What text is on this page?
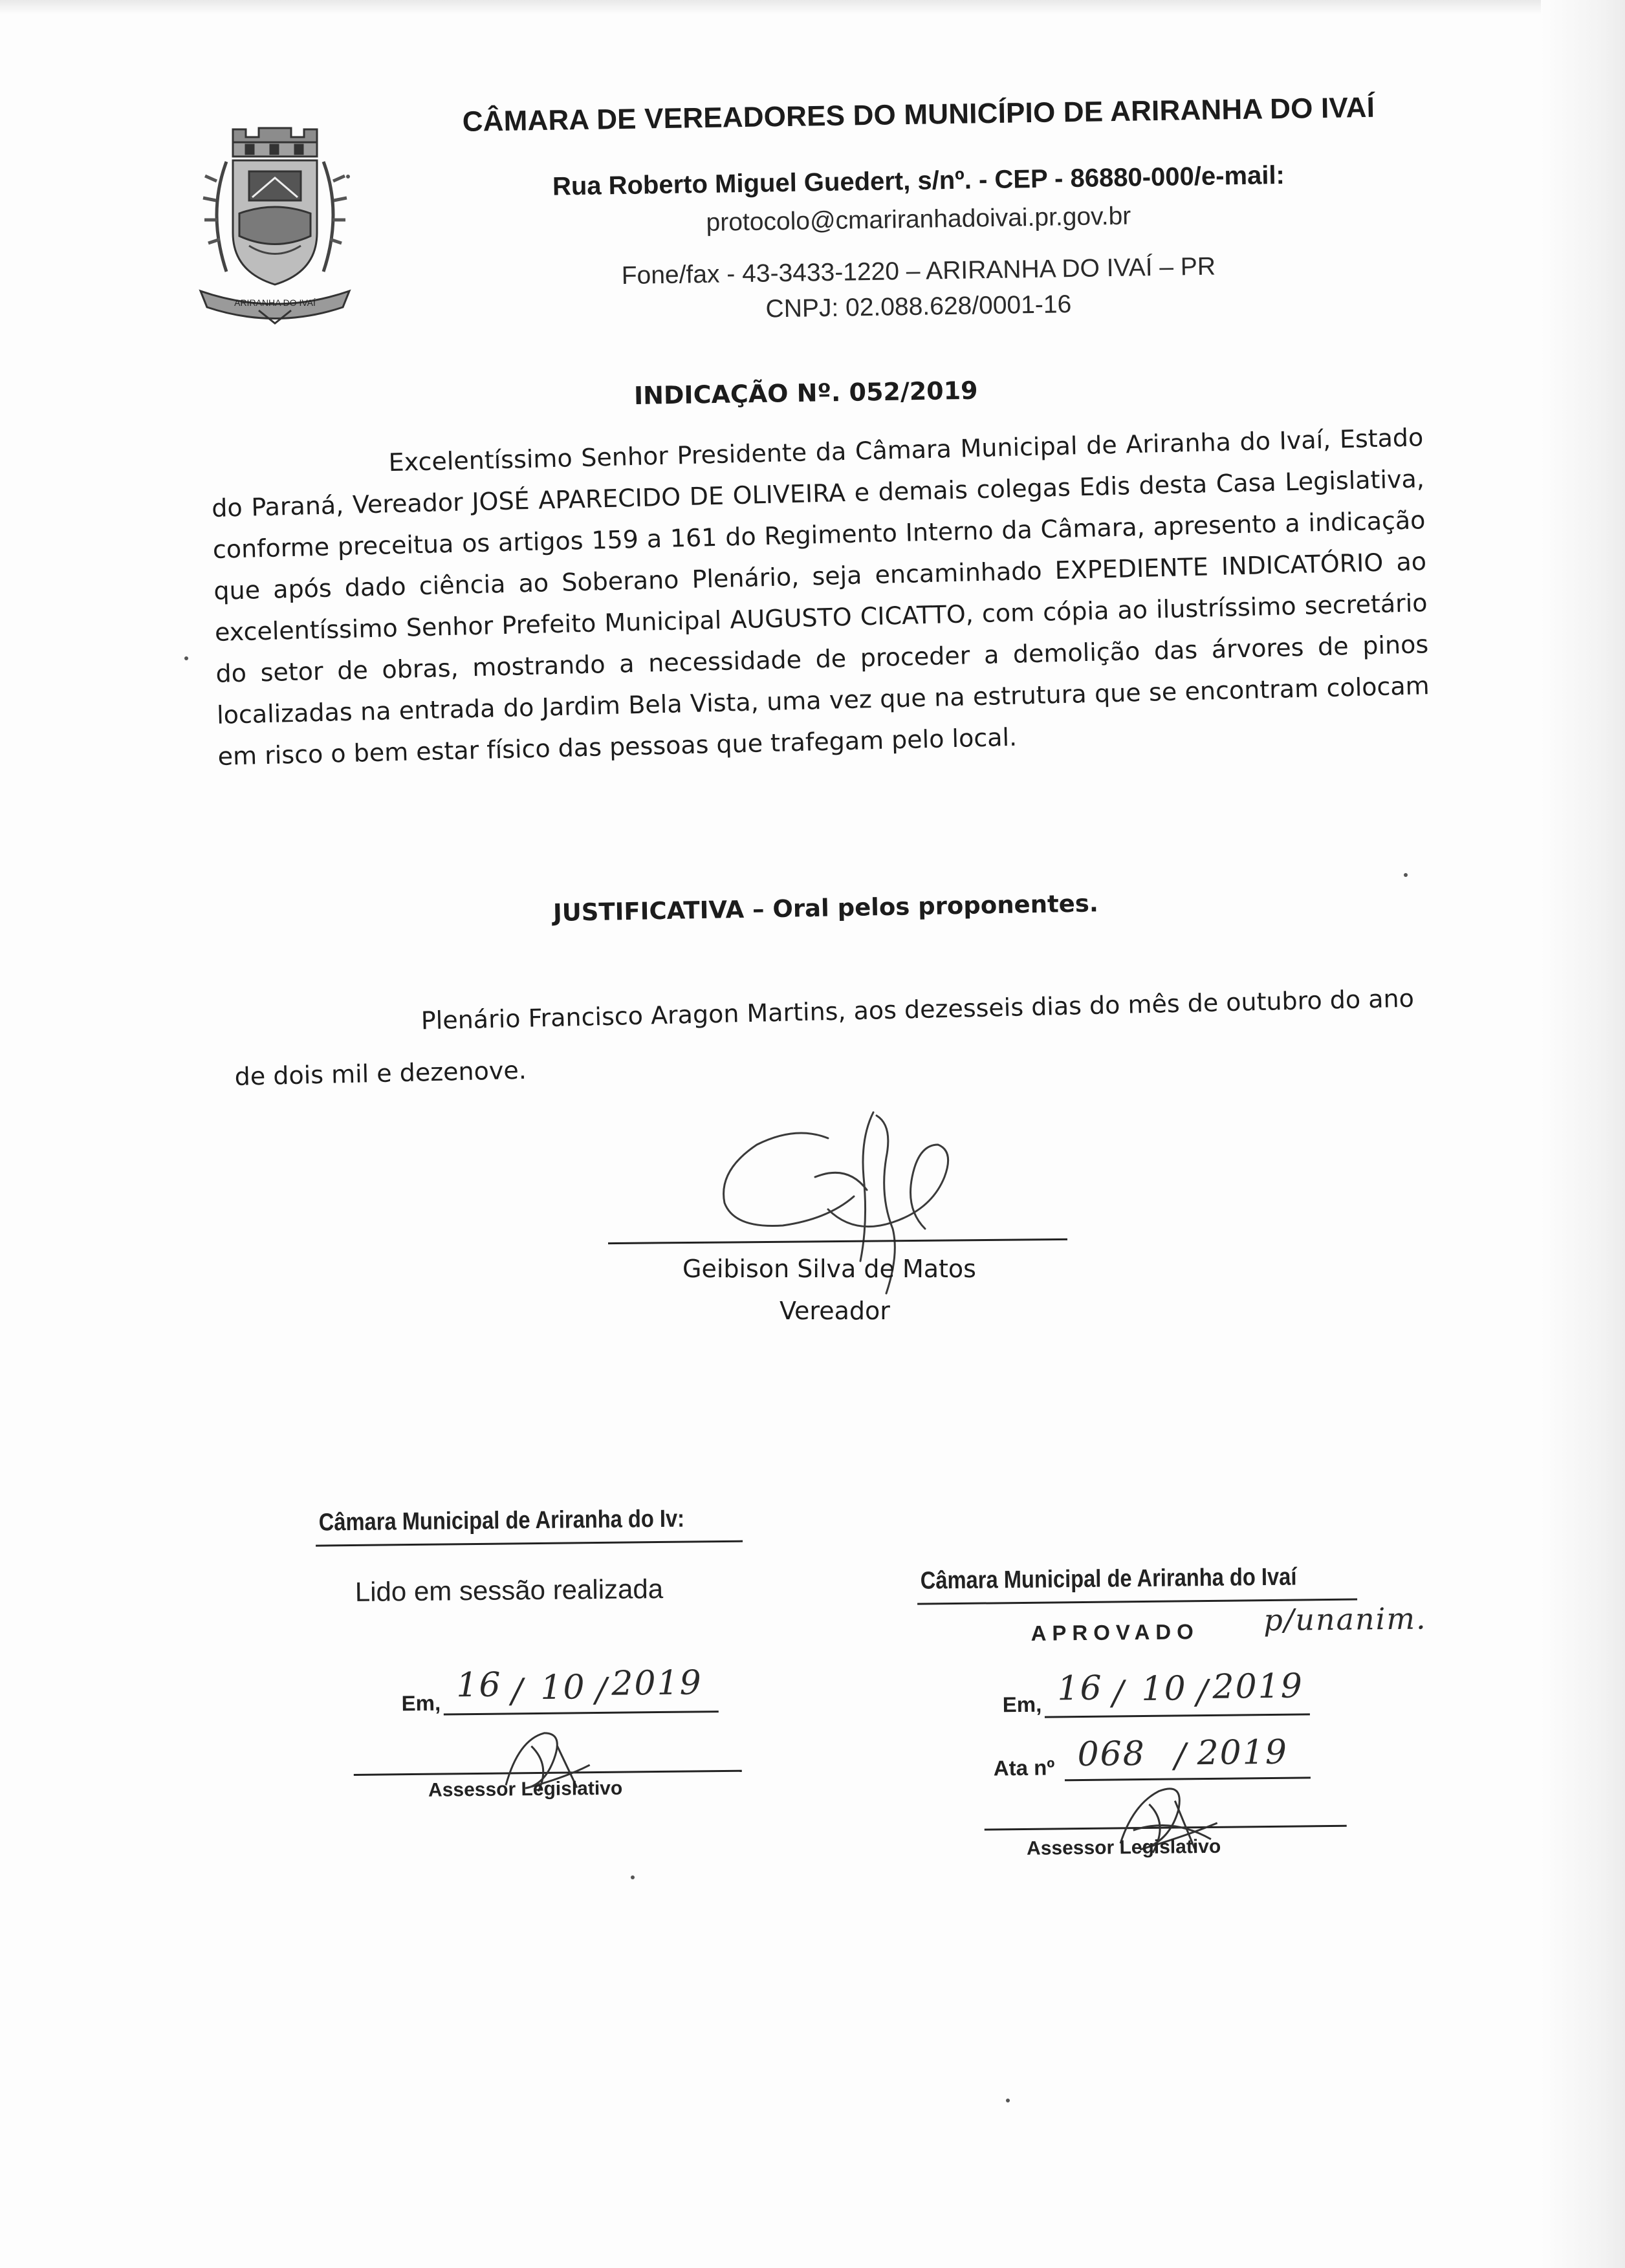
ARIRANHA DO IVAÍ
CÂMARA DE VEREADORES DO MUNICÍPIO DE ARIRANHA DO IVAÍ
Rua Roberto Miguel Guedert, s/nº. - CEP - 86880-000/e-mail:
protocolo@cmariranhadoivai.pr.gov.br
Fone/fax - 43-3433-1220 – ARIRANHA DO IVAÍ – PR
CNPJ: 02.088.628/0001-16
INDICAÇÃO Nº. 052/2019
Excelentíssimo Senhor Presidente da Câmara Municipal de Ariranha do Ivaí, Estado do Paraná, Vereador JOSÉ APARECIDO DE OLIVEIRA e demais colegas Edis desta Casa Legislativa, conforme preceitua os artigos 159 a 161 do Regimento Interno da Câmara, apresento a indicação que após dado ciência ao Soberano Plenário, seja encaminhado EXPEDIENTE INDICATÓRIO ao excelentíssimo Senhor Prefeito Municipal AUGUSTO CICATTO, com cópia ao ilustríssimo secretário do setor de obras, mostrando a necessidade de proceder a demolição das árvores de pinos localizadas na entrada do Jardim Bela Vista, uma vez que na estrutura que se encontram colocam em risco o bem estar físico das pessoas que trafegam pelo local.
JUSTIFICATIVA – Oral pelos proponentes.
Plenário Francisco Aragon Martins, aos dezesseis dias do mês de outubro do ano de dois mil e dezenove.
Geibison Silva de Matos
Vereador
Câmara Municipal de Ariranha do Iv:
Lido em sessão realizada
Em, 16 / 10 / 2019
Assessor Legislativo
Câmara Municipal de Ariranha do Ivaí
APROVADO p/unanim.
Em, 16 / 10 / 2019
Ata nº 068 / 2019
Assessor Legislativo
